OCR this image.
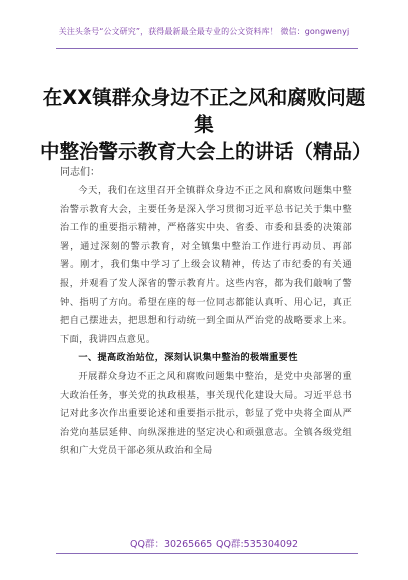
关注头条号“公文研究”，获得最新最全最专业的公文资料库！ 微信：gongwenyj
在XX镇群众身边不正之风和腐败问题集
中整治警示教育大会上的讲话（精品）
同志们：

今天，我们在这里召开全镇群众身边不正之风和腐败问题集中整治警示教育大会，主要任务是深入学习贯彻习近平总书记关于集中整治工作的重要指示精神，严格落实中央、省委、市委和县委的决策部署，通过深刻的警示教育，对全镇集中整治工作进行再动员、再部署。刚才，我们集中学习了上级会议精神，传达了市纪委的有关通报，并观看了发人深省的警示教育片。这些内容，都为我们敲响了警钟、指明了方向。希望在座的每一位同志都能认真听、用心记，真正把自己摆进去，把思想和行动统一到全面从严治党的战略要求上来。下面，我讲四点意见。

一、提高政治站位，深刻认识集中整治的极端重要性

开展群众身边不正之风和腐败问题集中整治，是党中央部署的重大政治任务，事关党的执政根基，事关现代化建设大局。习近平总书记对此多次作出重要论述和重要指示批示，彰显了党中央将全面从严治党向基层延伸、向纵深推进的坚定决心和顽强意志。全镇各级党组织和广大党员干部必须从政治和全局

QQ群：30265665 QQ群:535304092
